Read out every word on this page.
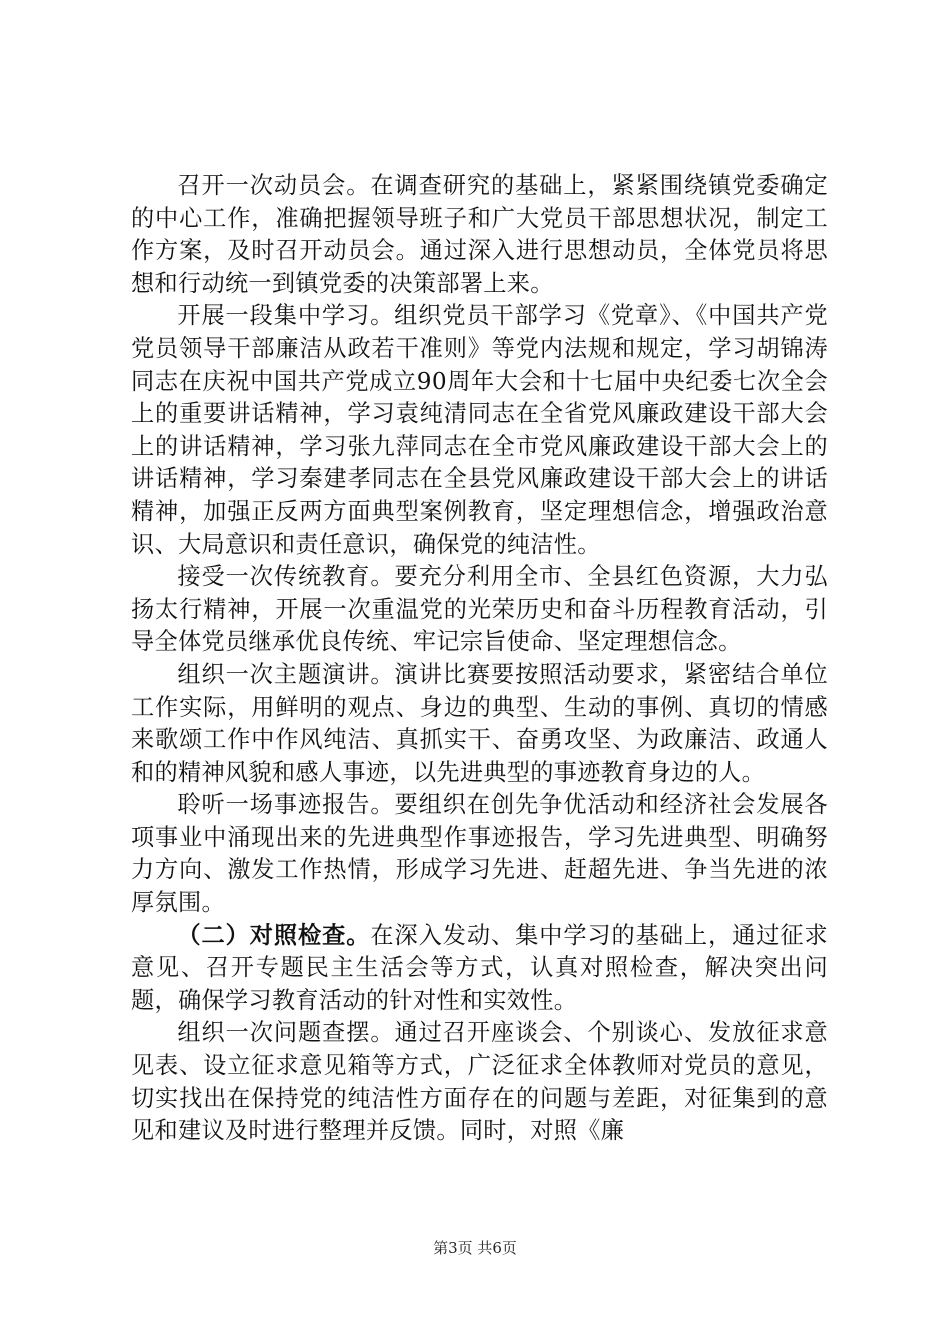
召开一次动员会。在调查研究的基础上，紧紧围绕镇党委确定的中心工作，准确把握领导班子和广大党员干部思想状况，制定工作方案，及时召开动员会。通过深入进行思想动员，全体党员将思想和行动统一到镇党委的决策部署上来。

开展一段集中学习。组织党员干部学习《党章》、《中国共产党党员领导干部廉洁从政若干准则》等党内法规和规定，学习胡锦涛同志在庆祝中国共产党成立90周年大会和十七届中央纪委七次全会上的重要讲话精神，学习袁纯清同志在全省党风廉政建设干部大会上的讲话精神，学习张九萍同志在全市党风廉政建设干部大会上的讲话精神，学习秦建孝同志在全县党风廉政建设干部大会上的讲话精神，加强正反两方面典型案例教育，坚定理想信念，增强政治意识、大局意识和责任意识，确保党的纯洁性。

接受一次传统教育。要充分利用全市、全县红色资源，大力弘扬太行精神，开展一次重温党的光荣历史和奋斗历程教育活动，引导全体党员继承优良传统、牢记宗旨使命、坚定理想信念。

组织一次主题演讲。演讲比赛要按照活动要求，紧密结合单位工作实际，用鲜明的观点、身边的典型、生动的事例、真切的情感来歌颂工作中作风纯洁、真抓实干、奋勇攻坚、为政廉洁、政通人和的精神风貌和感人事迹，以先进典型的事迹教育身边的人。

聆听一场事迹报告。要组织在创先争优活动和经济社会发展各项事业中涌现出来的先进典型作事迹报告，学习先进典型、明确努力方向、激发工作热情，形成学习先进、赶超先进、争当先进的浓厚氛围。

（二）对照检查。在深入发动、集中学习的基础上，通过征求意见、召开专题民主生活会等方式，认真对照检查，解决突出问题，确保学习教育活动的针对性和实效性。

组织一次问题查摆。通过召开座谈会、个别谈心、发放征求意见表、设立征求意见箱等方式，广泛征求全体教师对党员的意见，切实找出在保持党的纯洁性方面存在的问题与差距，对征集到的意见和建议及时进行整理并反馈。同时，对照《廉

第3页 共6页
